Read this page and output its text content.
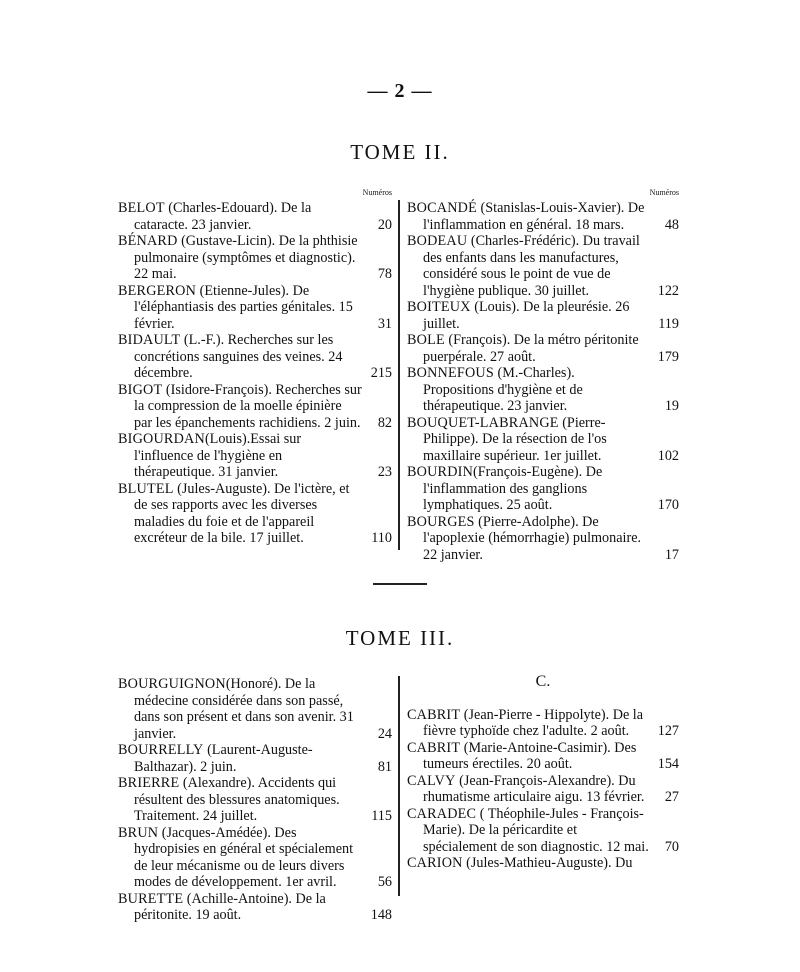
— 2 —
TOME II.
Numéros
BELOT (Charles-Edouard). De la cataracte. 23 janvier.	20
BÉNARD (Gustave-Licin). De la phthisie pulmonaire (symptômes et diagnostic). 22 mai.	78
BERGERON (Etienne-Jules). De l'éléphantiasis des parties génitales. 15 février.	31
BIDAULT (L.-F.). Recherches sur les concrétions sanguines des veines. 24 décembre.	215
BIGOT (Isidore-François). Recherches sur la compression de la moelle épinière par les épanchements rachidiens. 2 juin. 82
BIGOURDAN(Louis).Essai sur l'influence de l'hygiène en thérapeutique. 31 janvier.	23
BLUTEL (Jules-Auguste). De l'ictère, et de ses rapports avec les diverses maladies du foie et de l'appareil excréteur de la bile. 17 juillet.	110
Numéros
BOCANDÉ (Stanislas-Louis-Xavier). De l'inflammation en général. 18 mars.	48
BODEAU (Charles-Frédéric). Du travail des enfants dans les manufactures, considéré sous le point de vue de l'hygiène publique. 30 juillet.	122
BOITEUX (Louis). De la pleurésie. 26 juillet.	119
BOLE (François). De la métro péritonite puerpérale. 27 août.	179
BONNEFOUS (M.-Charles). Propositions d'hygiène et de thérapeutique. 23 janvier.	19
BOUQUET-LABRANGE (Pierre-Philippe). De la résection de l'os maxillaire supérieur. 1er juillet.	102
BOURDIN(François-Eugène). De l'inflammation des ganglions lymphatiques. 25 août.	170
BOURGES (Pierre-Adolphe). De l'apoplexie (hémorrhagie) pulmonaire. 22 janvier.	17
TOME III.
BOURGUIGNON(Honoré). De la médecine considérée dans son passé, dans son présent et dans son avenir. 31 janvier.	24
BOURRELLY (Laurent-Auguste-Balthazar). 2 juin.	81
BRIERRE (Alexandre). Accidents qui résultent des blessures anatomiques. Traitement. 24 juillet.	115
BRUN (Jacques-Amédée). Des hydropisies en général et spécialement de leur mécanisme ou de leurs divers modes de développement. 1er avril.	56
BURETTE (Achille-Antoine). De la péritonite. 19 août.	148
C.
CABRIT (Jean-Pierre - Hippolyte). De la fièvre typhoïde chez l'adulte. 2 août. 127
CABRIT (Marie-Antoine-Casimir). Des tumeurs érectiles. 20 août.	154
CALVY (Jean-François-Alexandre). Du rhumatisme articulaire aigu. 13 février. 27
CARADEC ( Théophile-Jules - François-Marie). De la péricardite et spécialement de son diagnostic. 12 mai. 70
CARION (Jules-Mathieu-Auguste). Du
